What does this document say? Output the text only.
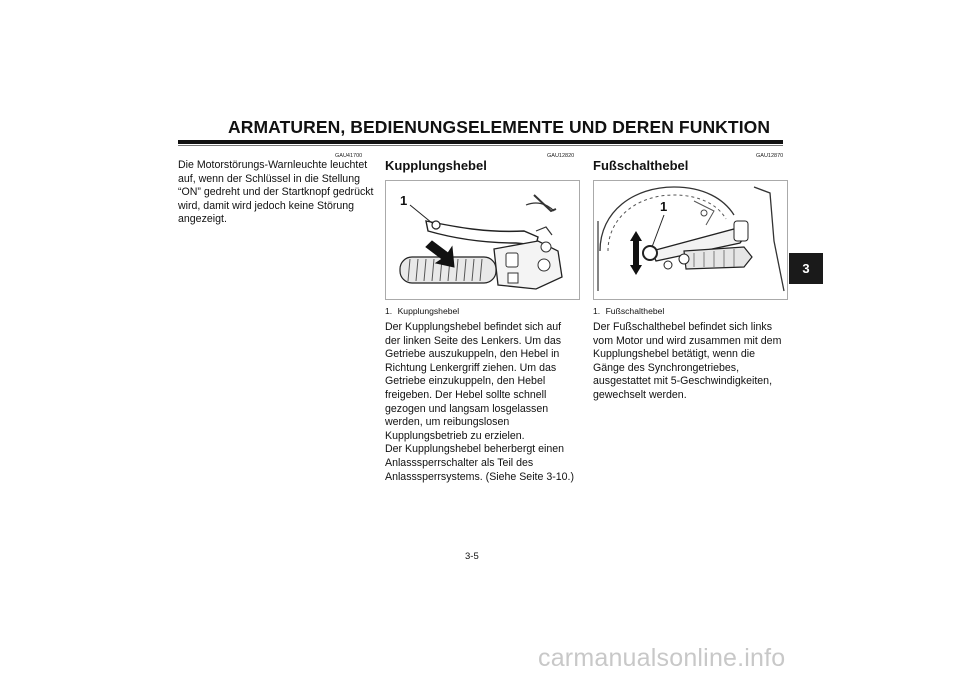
ARMATUREN, BEDIENUNGSELEMENTE UND DEREN FUNKTION
GAU41700

Die Motorstörungs-Warnleuchte leuchtet auf, wenn der Schlüssel in die Stellung “ON” gedreht und der Startknopf gedrückt wird, damit wird jedoch keine Störung angezeigt.

GAU12820
Kupplungshebel
1
1. Kupplungshebel

Der Kupplungshebel befindet sich auf der linken Seite des Lenkers. Um das Getriebe auszukuppeln, den Hebel in Richtung Lenkergriff ziehen. Um das Getriebe einzukuppeln, den Hebel freigeben. Der Hebel sollte schnell gezogen und langsam losgelassen werden, um reibungslosen Kupplungsbetrieb zu erzielen.
Der Kupplungshebel beherbergt einen Anlasssperrschalter als Teil des Anlasssperrsystems. (Siehe Seite 3-10.)

GAU12870
Fußschalthebel
1
1. Fußschalthebel

Der Fußschalthebel befindet sich links vom Motor und wird zusammen mit dem Kupplungshebel betätigt, wenn die Gänge des Synchrongetriebes, ausgestattet mit 5-Geschwindigkeiten, gewechselt werden.

3
3-5
carmanualsonline.info
